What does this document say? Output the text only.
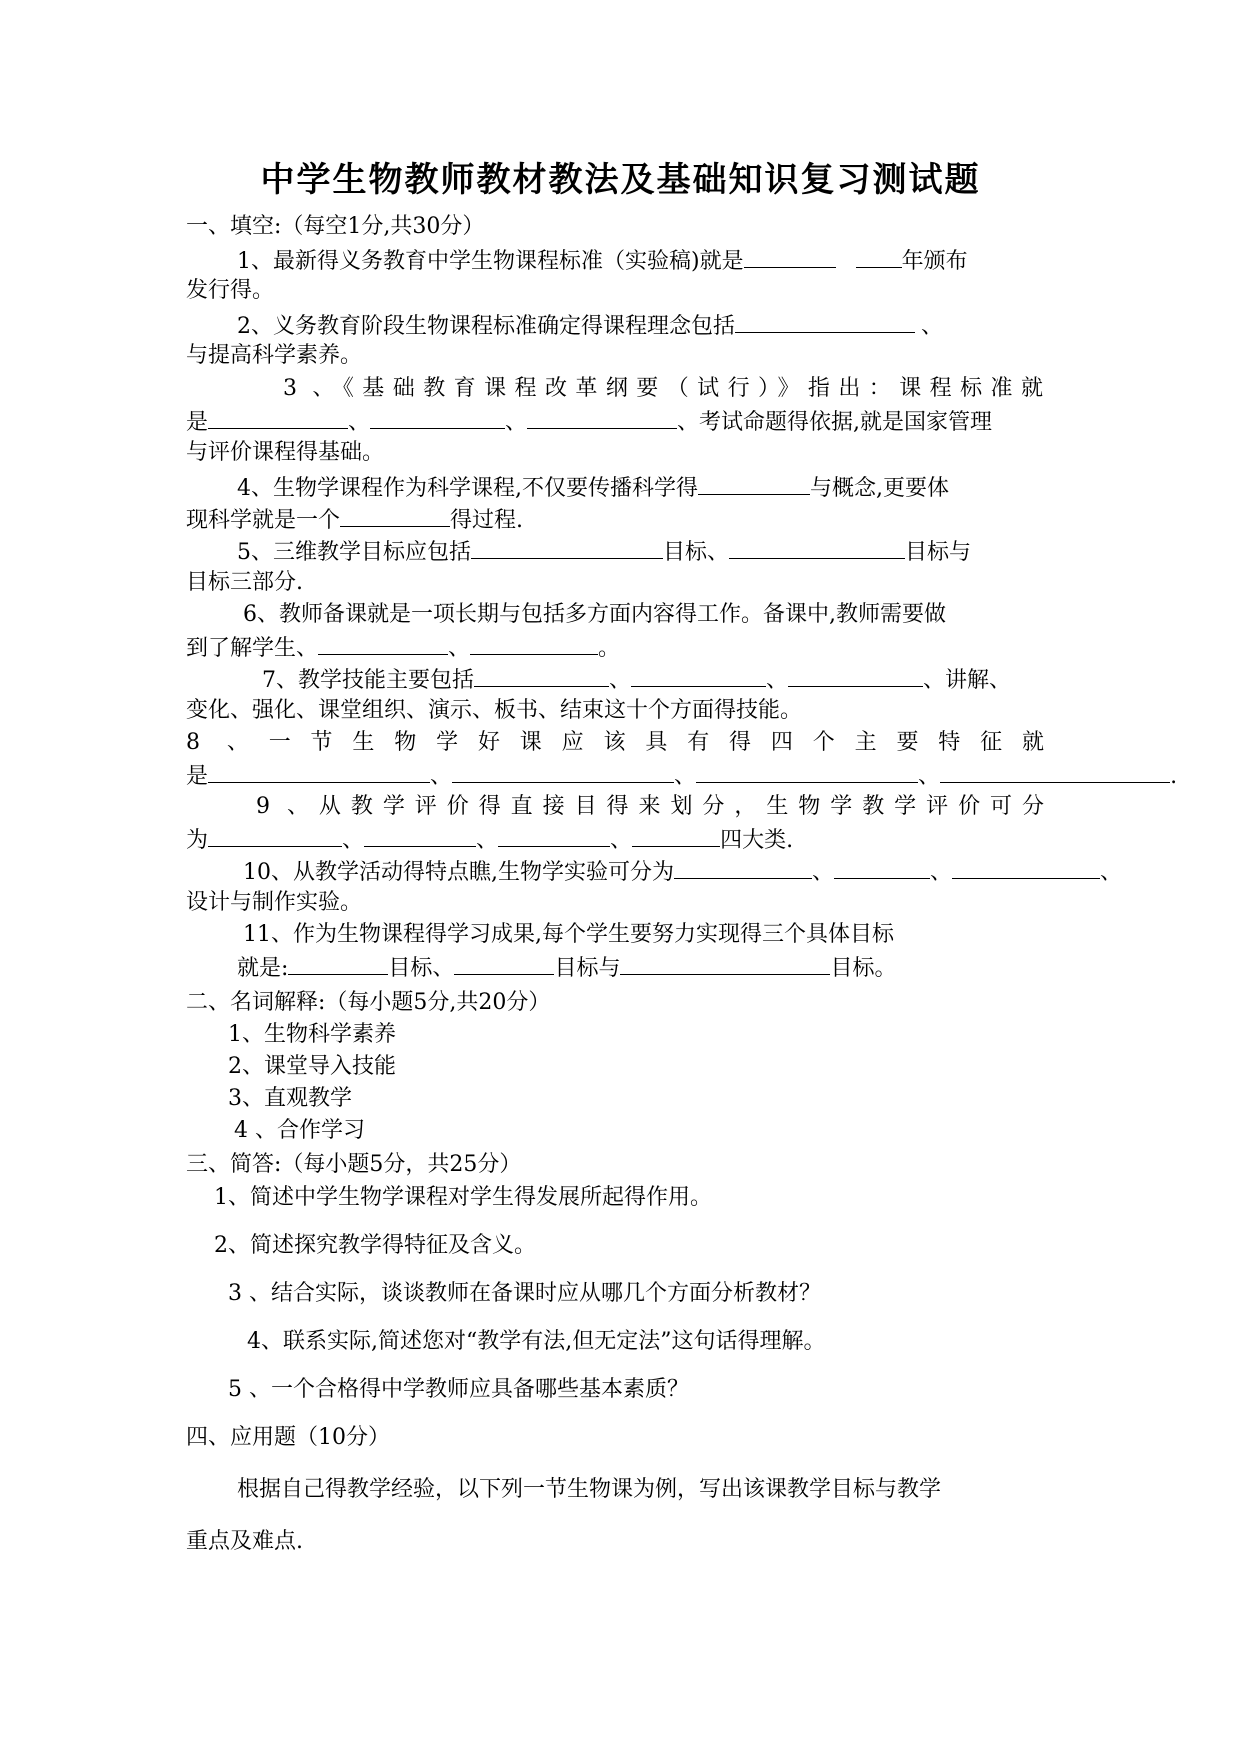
中学生物教师教材教法及基础知识复习测试题

一、填空:（每空1分,共30分）

1、最新得义务教育中学生物课程标准（实验稿)就是	年颁布

发行得。

2、义务教育阶段生物课程标准确定得课程理念包括	、

与提高科学素养。

3 、《基础教育课程改革纲要（试行）》指出：课程标准就

是	、	、	、考试命题得依据,就是国家管理

与评价课程得基础。

4、生物学课程作为科学课程,不仅要传播科学得	与概念,更要体

现科学就是一个	得过程.

5、三维教学目标应包括	目标、	目标与

目标三部分.

6、教师备课就是一项长期与包括多方面内容得工作。备课中,教师需要做

到了解学生、	、	。

7、教学技能主要包括	、	、	、讲解、

变化、强化、课堂组织、演示、板书、结束这十个方面得技能。

8 、一节生物学好课应该具有得四个主要特征就

是	、	、	、	.

9 、从教学评价得直接目得来划分，生物学教学评价可分

为	、	、	、	四大类.

10、从教学活动得特点瞧,生物学实验可分为	、	、	、

设计与制作实验。

11、作为生物课程得学习成果,每个学生要努力实现得三个具体目标

就是:	目标、	目标与	目标。

二、名词解释:（每小题5分,共20分）

1、生物科学素养

2、课堂导入技能

3、直观教学

4 、合作学习

三、简答:（每小题5分，共25分）

1、简述中学生物学课程对学生得发展所起得作用。

2、简述探究教学得特征及含义。

3 、结合实际，谈谈教师在备课时应从哪几个方面分析教材？

4、联系实际,简述您对“教学有法,但无定法”这句话得理解。

5 、一个合格得中学教师应具备哪些基本素质？

四、应用题（10分）

根据自己得教学经验，以下列一节生物课为例，写出该课教学目标与教学

重点及难点.
